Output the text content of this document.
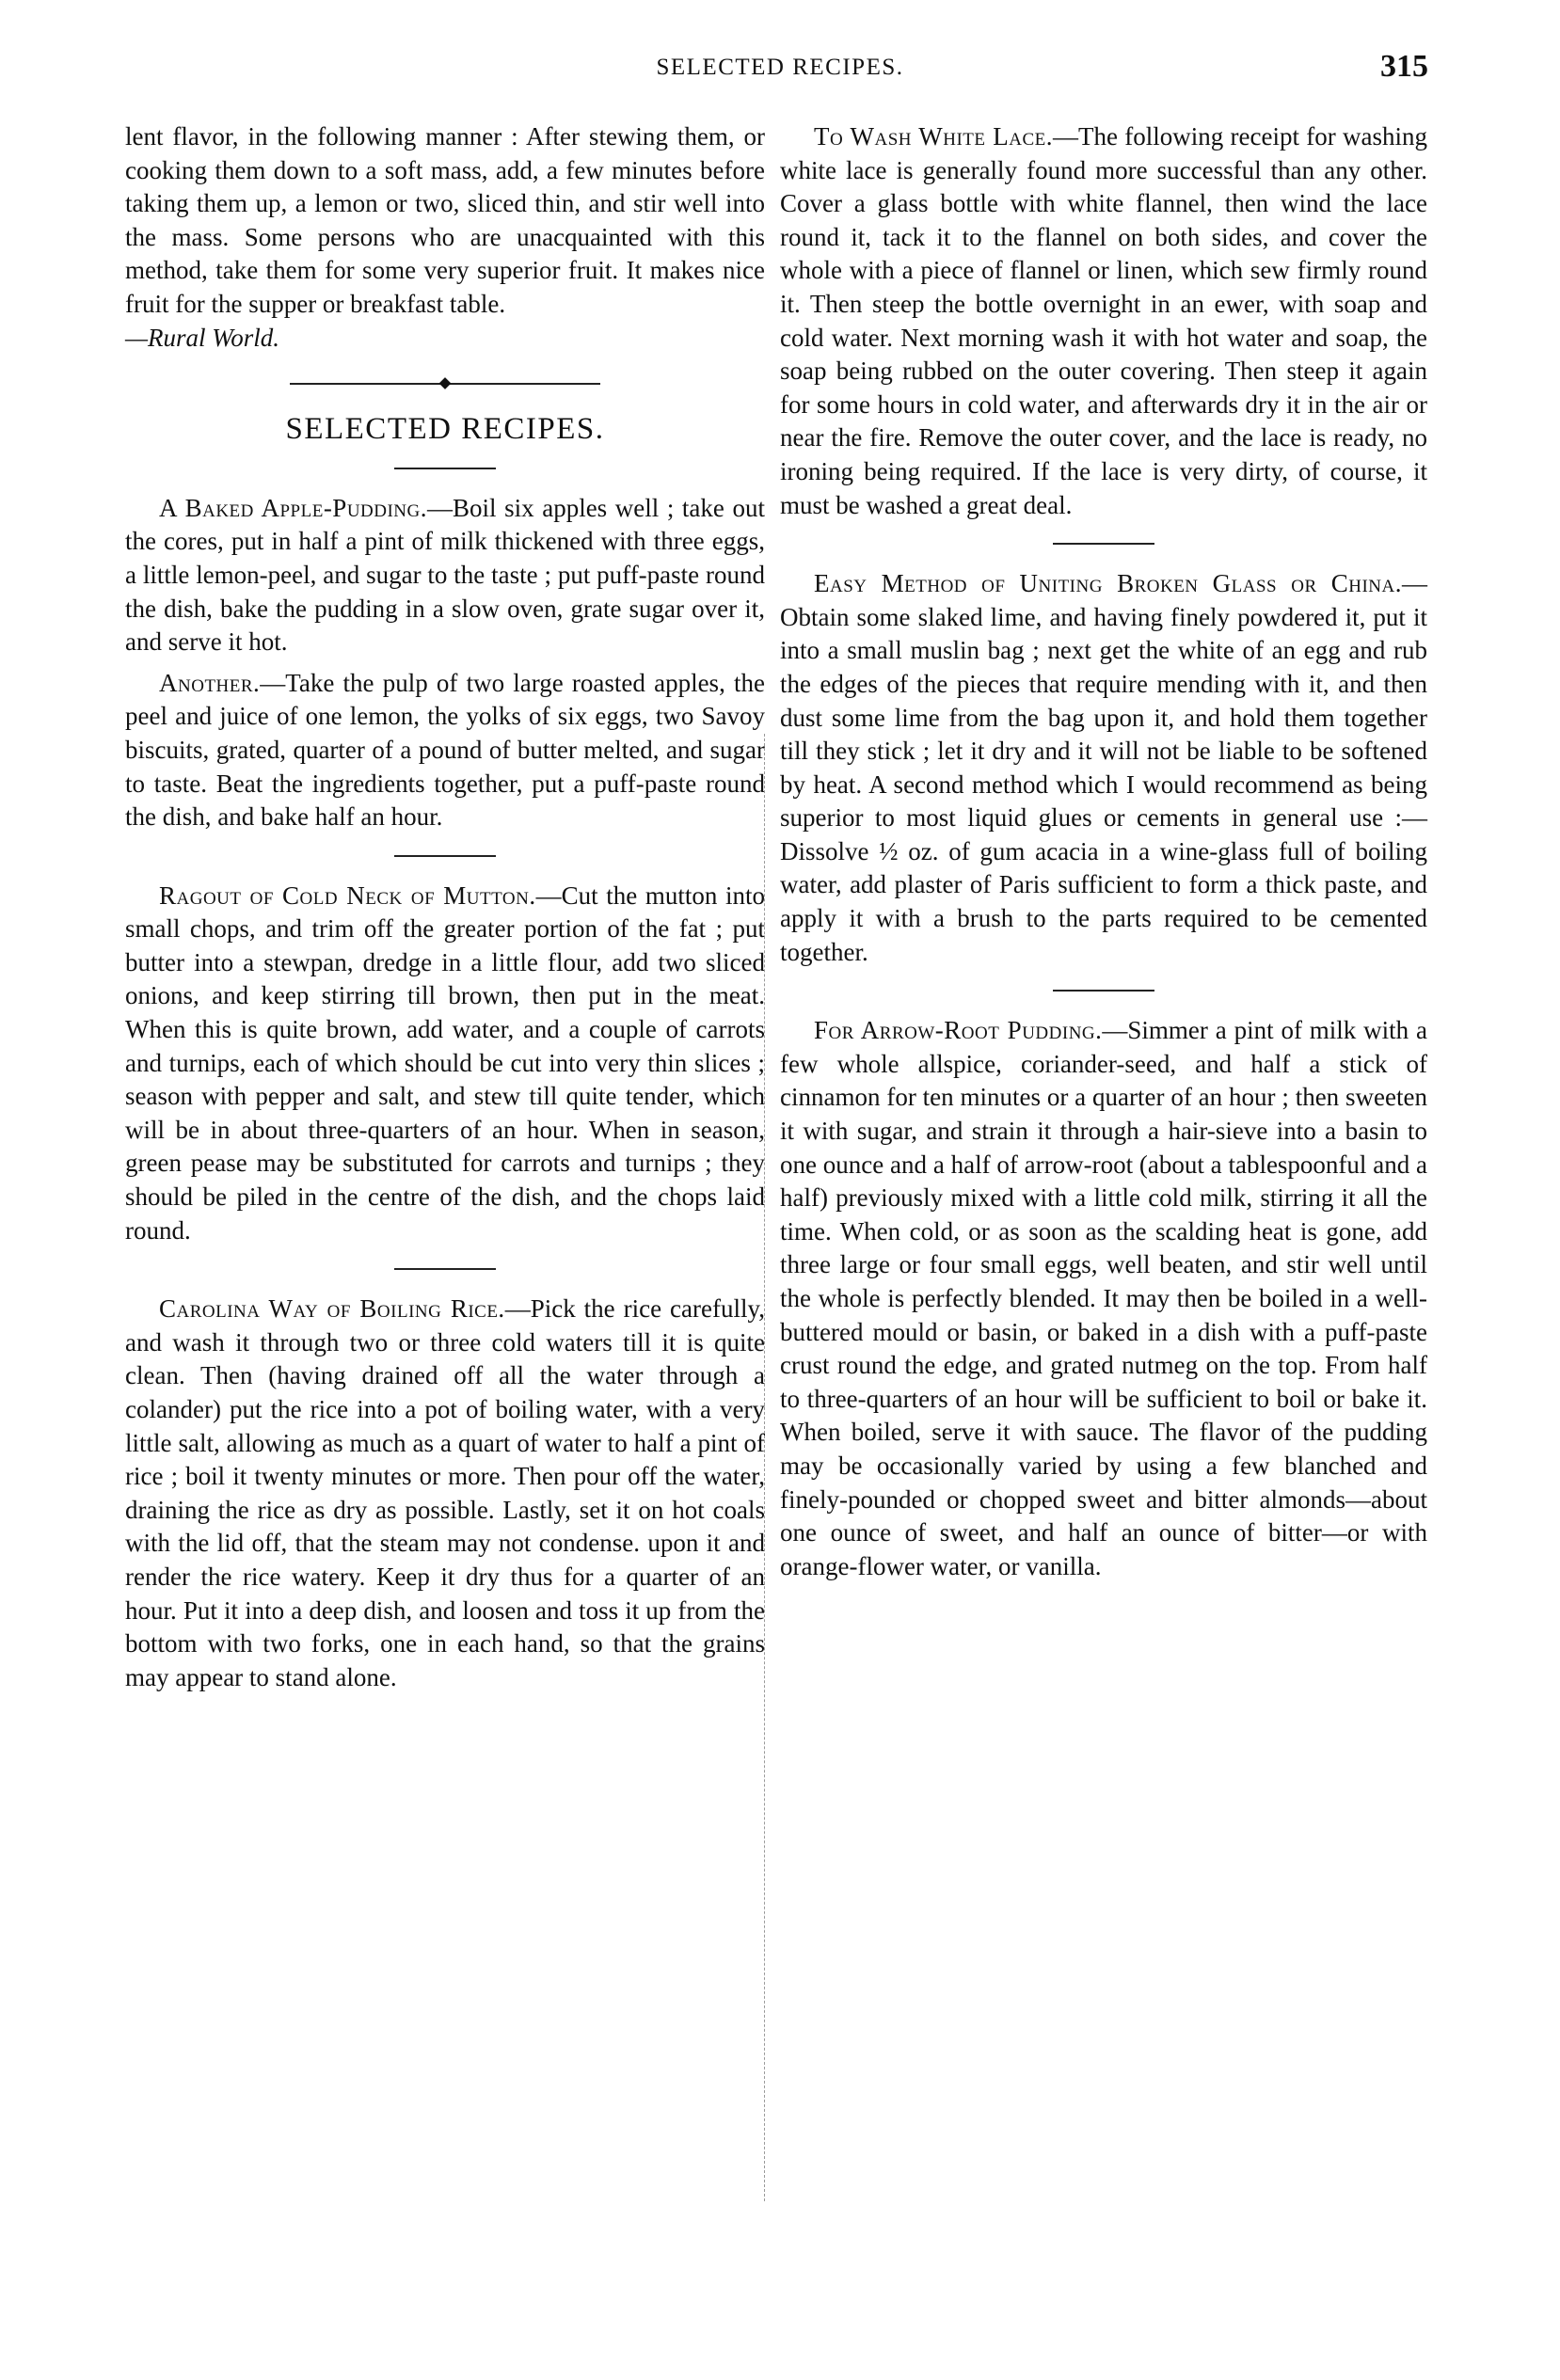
SELECTED RECIPES.	315

lent flavor, in the following manner : After stewing them, or cooking them down to a soft mass, add, a few minutes before taking them up, a lemon or two, sliced thin, and stir well into the mass. Some persons who are unacquainted with this method, take them for some very superior fruit. It makes nice fruit for the supper or breakfast table.
—Rural World.

SELECTED RECIPES.

A Baked Apple-Pudding.—Boil six apples well ; take out the cores, put in half a pint of milk thickened with three eggs, a little lemon-peel, and sugar to the taste ; put puff-paste round the dish, bake the pudding in a slow oven, grate sugar over it, and serve it hot.

Another.—Take the pulp of two large roasted apples, the peel and juice of one lemon, the yolks of six eggs, two Savoy biscuits, grated, quarter of a pound of butter melted, and sugar to taste. Beat the ingredients together, put a puff-paste round the dish, and bake half an hour.

Ragout of Cold Neck of Mutton.—Cut the mutton into small chops, and trim off the greater portion of the fat ; put butter into a stewpan, dredge in a little flour, add two sliced onions, and keep stirring till brown, then put in the meat. When this is quite brown, add water, and a couple of carrots and turnips, each of which should be cut into very thin slices ; season with pepper and salt, and stew till quite tender, which will be in about three-quarters of an hour. When in season, green pease may be substituted for carrots and turnips ; they should be piled in the centre of the dish, and the chops laid round.

Carolina Way of Boiling Rice.—Pick the rice carefully, and wash it through two or three cold waters till it is quite clean. Then (having drained off all the water through a colander) put the rice into a pot of boiling water, with a very little salt, allowing as much as a quart of water to half a pint of rice ; boil it twenty minutes or more. Then pour off the water, draining the rice as dry as possible. Lastly, set it on hot coals with the lid off, that the steam may not condense. upon it and render the rice watery. Keep it dry thus for a quarter of an hour. Put it into a deep dish, and loosen and toss it up from the bottom with two forks, one in each hand, so that the grains may appear to stand alone.

To Wash White Lace.—The following receipt for washing white lace is generally found more successful than any other. Cover a glass bottle with white flannel, then wind the lace round it, tack it to the flannel on both sides, and cover the whole with a piece of flannel or linen, which sew firmly round it. Then steep the bottle overnight in an ewer, with soap and cold water. Next morning wash it with hot water and soap, the soap being rubbed on the outer covering. Then steep it again for some hours in cold water, and afterwards dry it in the air or near the fire. Remove the outer cover, and the lace is ready, no ironing being required. If the lace is very dirty, of course, it must be washed a great deal.

Easy Method of Uniting Broken Glass or China.—Obtain some slaked lime, and having finely powdered it, put it into a small muslin bag ; next get the white of an egg and rub the edges of the pieces that require mending with it, and then dust some lime from the bag upon it, and hold them together till they stick ; let it dry and it will not be liable to be softened by heat. A second method which I would recommend as being superior to most liquid glues or cements in general use :—Dissolve ½ oz. of gum acacia in a wine-glass full of boiling water, add plaster of Paris sufficient to form a thick paste, and apply it with a brush to the parts required to be cemented together.

For Arrow-Root Pudding.—Simmer a pint of milk with a few whole allspice, coriander-seed, and half a stick of cinnamon for ten minutes or a quarter of an hour ; then sweeten it with sugar, and strain it through a hair-sieve into a basin to one ounce and a half of arrow-root (about a tablespoonful and a half) previously mixed with a little cold milk, stirring it all the time. When cold, or as soon as the scalding heat is gone, add three large or four small eggs, well beaten, and stir well until the whole is perfectly blended. It may then be boiled in a well-buttered mould or basin, or baked in a dish with a puff-paste crust round the edge, and grated nutmeg on the top. From half to three-quarters of an hour will be sufficient to boil or bake it. When boiled, serve it with sauce. The flavor of the pudding may be occasionally varied by using a few blanched and finely-pounded or chopped sweet and bitter almonds—about one ounce of sweet, and half an ounce of bitter—or with orange-flower water, or vanilla.
